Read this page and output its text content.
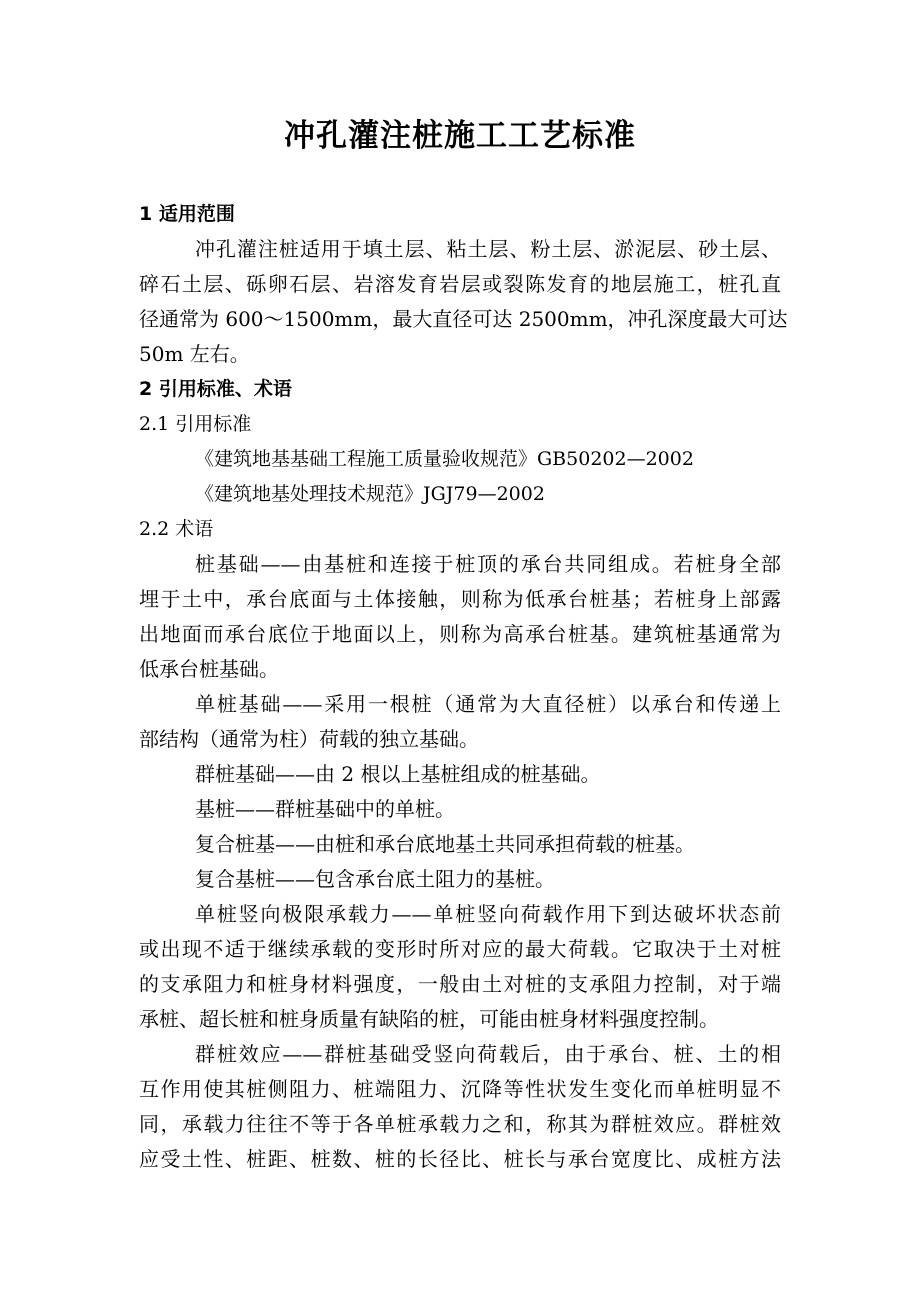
冲孔灌注桩施工工艺标准
1 适用范围
冲孔灌注桩适用于填土层、粘土层、粉土层、淤泥层、砂土层、
碎石土层、砾卵石层、岩溶发育岩层或裂陈发育的地层施工，桩孔直
径通常为 600～1500mm，最大直径可达 2500mm，冲孔深度最大可达
50m 左右。
2 引用标准、术语
2.1 引用标准
《建筑地基基础工程施工质量验收规范》GB50202—2002
《建筑地基处理技术规范》JGJ79—2002
2.2 术语
桩基础——由基桩和连接于桩顶的承台共同组成。若桩身全部
埋于土中，承台底面与土体接触，则称为低承台桩基；若桩身上部露
出地面而承台底位于地面以上，则称为高承台桩基。建筑桩基通常为
低承台桩基础。
单桩基础——采用一根桩（通常为大直径桩）以承台和传递上
部结构（通常为柱）荷载的独立基础。
群桩基础——由 2 根以上基桩组成的桩基础。
基桩——群桩基础中的单桩。
复合桩基——由桩和承台底地基土共同承担荷载的桩基。
复合基桩——包含承台底土阻力的基桩。
单桩竖向极限承载力——单桩竖向荷载作用下到达破坏状态前
或出现不适于继续承载的变形时所对应的最大荷载。它取决于土对桩
的支承阻力和桩身材料强度，一般由土对桩的支承阻力控制，对于端
承桩、超长桩和桩身质量有缺陷的桩，可能由桩身材料强度控制。
群桩效应——群桩基础受竖向荷载后，由于承台、桩、土的相
互作用使其桩侧阻力、桩端阻力、沉降等性状发生变化而单桩明显不
同，承载力往往不等于各单桩承载力之和，称其为群桩效应。群桩效
应受土性、桩距、桩数、桩的长径比、桩长与承台宽度比、成桩方法
